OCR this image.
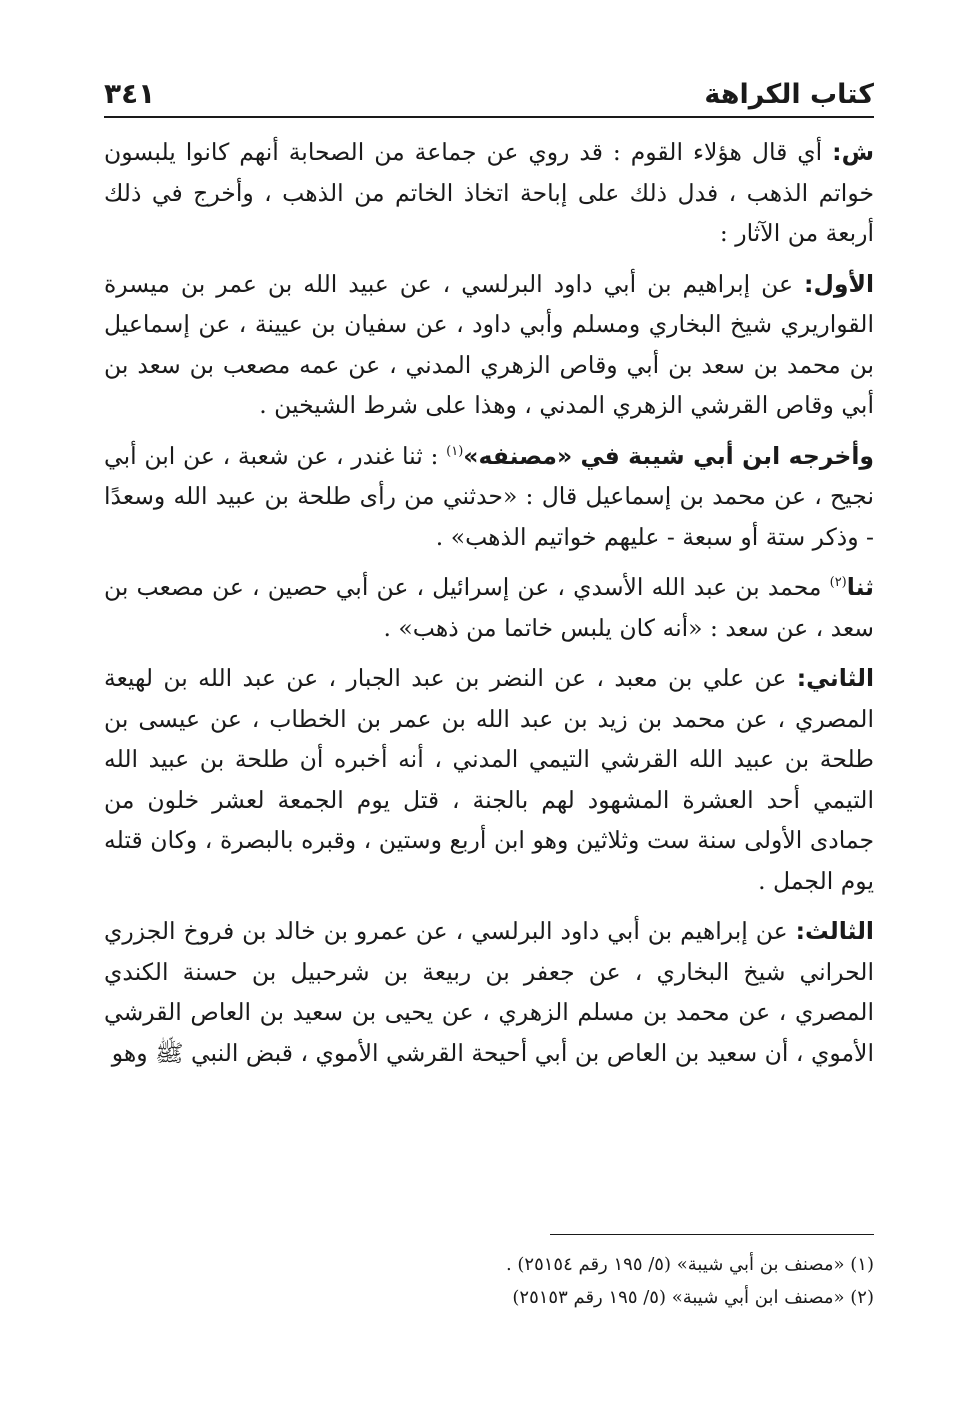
كتاب الكراهة
٣٤١

ش: أي قال هؤلاء القوم : قد روي عن جماعة من الصحابة أنهم كانوا يلبسون خواتم الذهب ، فدل ذلك على إباحة اتخاذ الخاتم من الذهب ، وأخرج في ذلك أربعة من الآثار :

الأول: عن إبراهيم بن أبي داود البرلسي ، عن عبيد الله بن عمر بن ميسرة القواريري شيخ البخاري ومسلم وأبي داود ، عن سفيان بن عيينة ، عن إسماعيل بن محمد بن سعد بن أبي وقاص الزهري المدني ، عن عمه مصعب بن سعد بن أبي وقاص القرشي الزهري المدني ، وهذا على شرط الشيخين .

وأخرجه ابن أبي شيبة في «مصنفه»$^{(١)}$ : ثنا غندر ، عن شعبة ، عن ابن أبي نجيح ، عن محمد بن إسماعيل قال : «حدثني من رأى طلحة بن عبيد الله وسعدًا - وذكر ستة أو سبعة - عليهم خواتيم الذهب» .

ثنا$^{(٢)}$ محمد بن عبد الله الأسدي ، عن إسرائيل ، عن أبي حصين ، عن مصعب بن سعد ، عن سعد : «أنه كان يلبس خاتما من ذهب» .

الثاني: عن علي بن معبد ، عن النضر بن عبد الجبار ، عن عبد الله بن لهيعة المصري ، عن محمد بن زيد بن عبد الله بن عمر بن الخطاب ، عن عيسى بن طلحة بن عبيد الله القرشي التيمي المدني ، أنه أخبره أن طلحة بن عبيد الله التيمي أحد العشرة المشهود لهم بالجنة ، قتل يوم الجمعة لعشر خلون من جمادى الأولى سنة ست وثلاثين وهو ابن أربع وستين ، وقبره بالبصرة ، وكان قتله يوم الجمل .

الثالث: عن إبراهيم بن أبي داود البرلسي ، عن عمرو بن خالد بن فروخ الجزري الحراني شيخ البخاري ، عن جعفر بن ربيعة بن شرحبيل بن حسنة الكندي المصري ، عن محمد بن مسلم الزهري ، عن يحيى بن سعيد بن العاص القرشي الأموي ، أن سعيد بن العاص بن أبي أحيحة القرشي الأموي ، قبض النبي ﷺ وهو

(١) «مصنف بن أبي شيبة» (٥/ ١٩٥ رقم ٢٥١٥٤) .

(٢) «مصنف ابن أبي شيبة» (٥/ ١٩٥ رقم ٢٥١٥٣)
